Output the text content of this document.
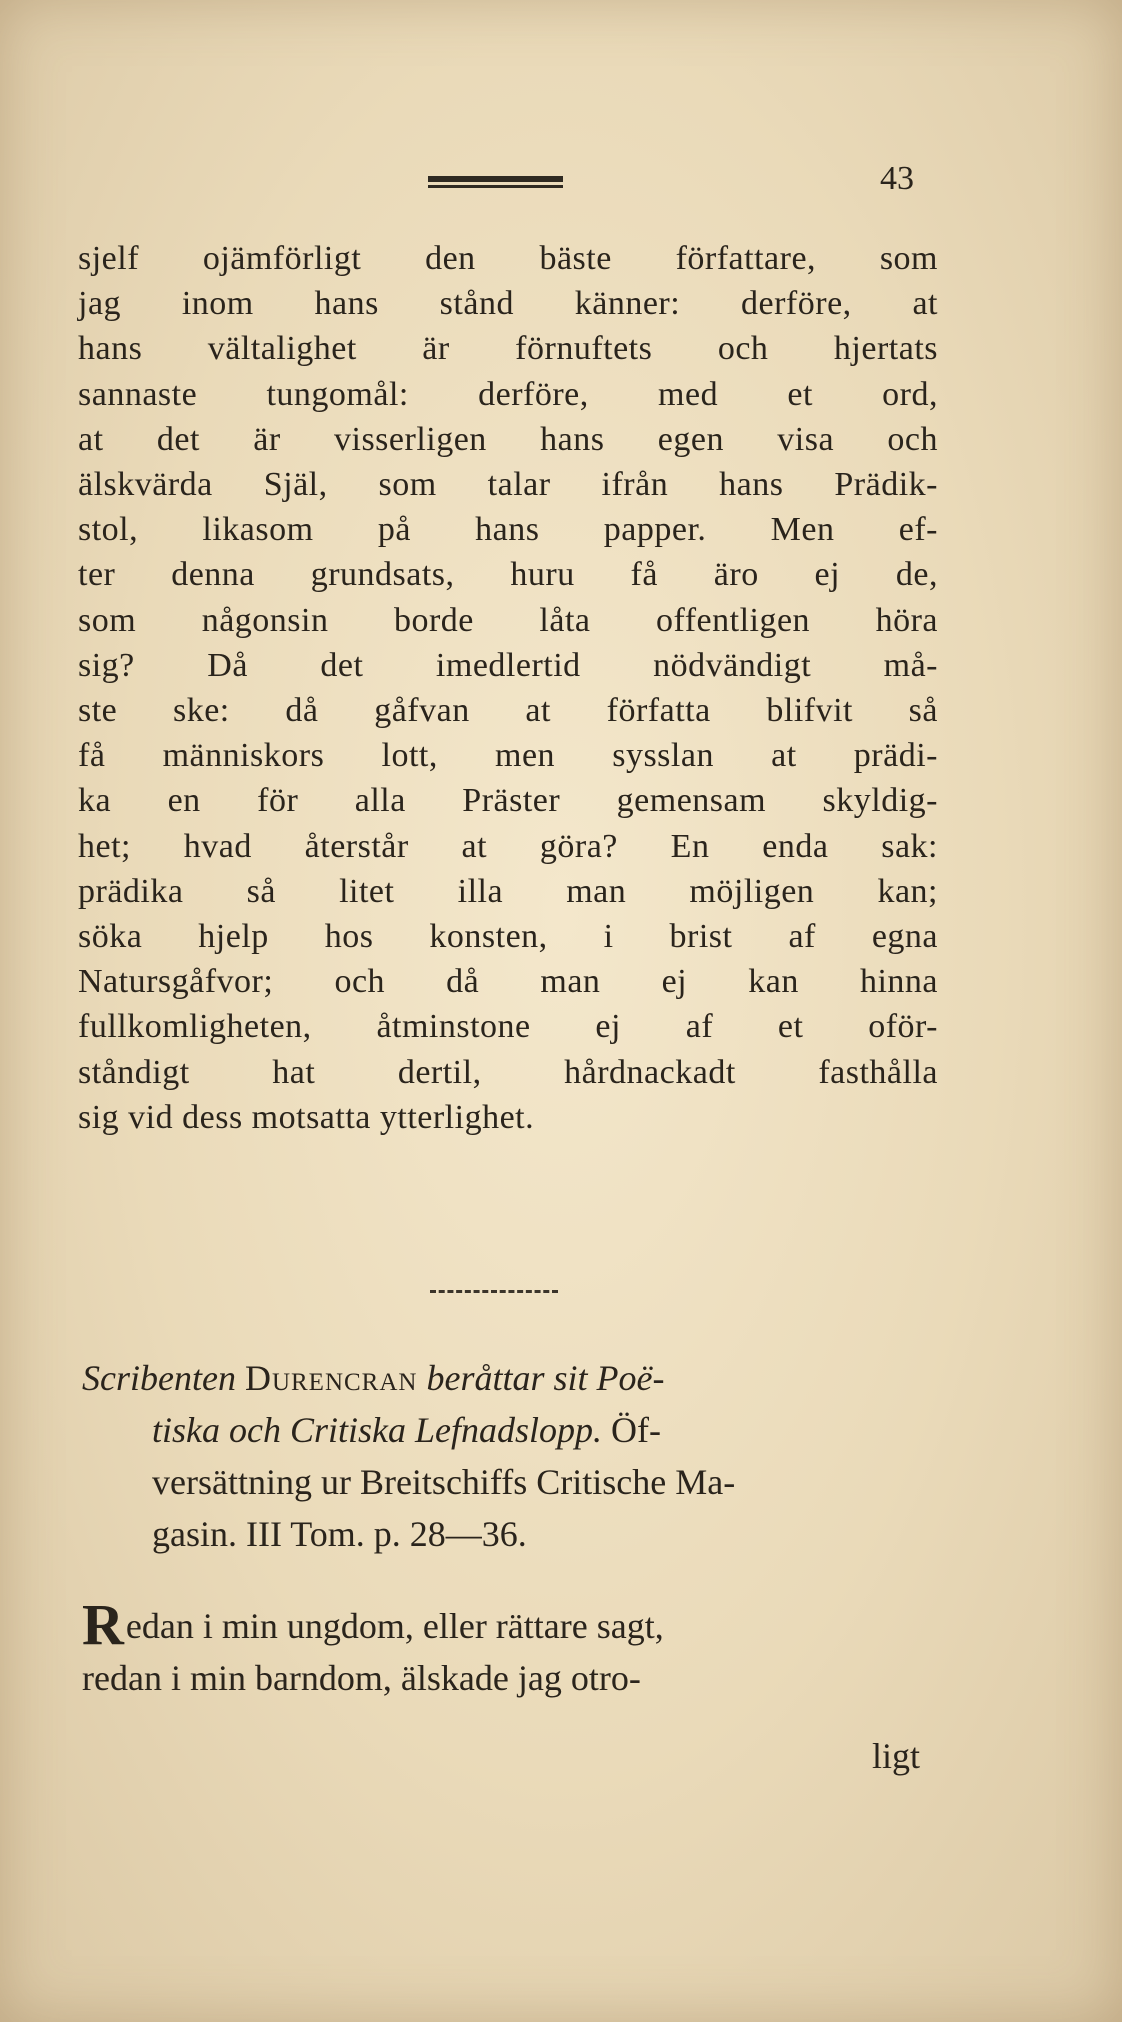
43
sjelf ojämförligt den bäste författare, som
jag inom hans stånd känner: derföre, at
hans vältalighet är förnuftets och hjertats
sannaste tungomål: derföre, med et ord,
at det är visserligen hans egen visa och
älskvärda Själ, som talar ifrån hans Prädik-
stol, likasom på hans papper. Men ef-
ter denna grundsats, huru få äro ej de,
som någonsin borde låta offentligen höra
sig? Då det imedlertid nödvändigt må-
ste ske: då gåfvan at författa blifvit så
få människors lott, men sysslan at prädi-
ka en för alla Präster gemensam skyldig-
het; hvad återstår at göra? En enda sak:
prädika så litet illa man möjligen kan;
söka hjelp hos konsten, i brist af egna
Natursgåfvor; och då man ej kan hinna
fullkomligheten, åtminstone ej af et oför-
ståndigt hat dertil, hårdnackadt fasthålla
sig vid dess motsatta ytterlighet.
Scribenten Durencran beråttar sit Poë-
tiska och Critiska Lefnadslopp. Öf-
versättning ur Breitschiffs Critische Ma-
gasin. III Tom. p. 28—36.
Redan i min ungdom, eller rättare sagt,
redan i min barndom, älskade jag otro-
ligt
